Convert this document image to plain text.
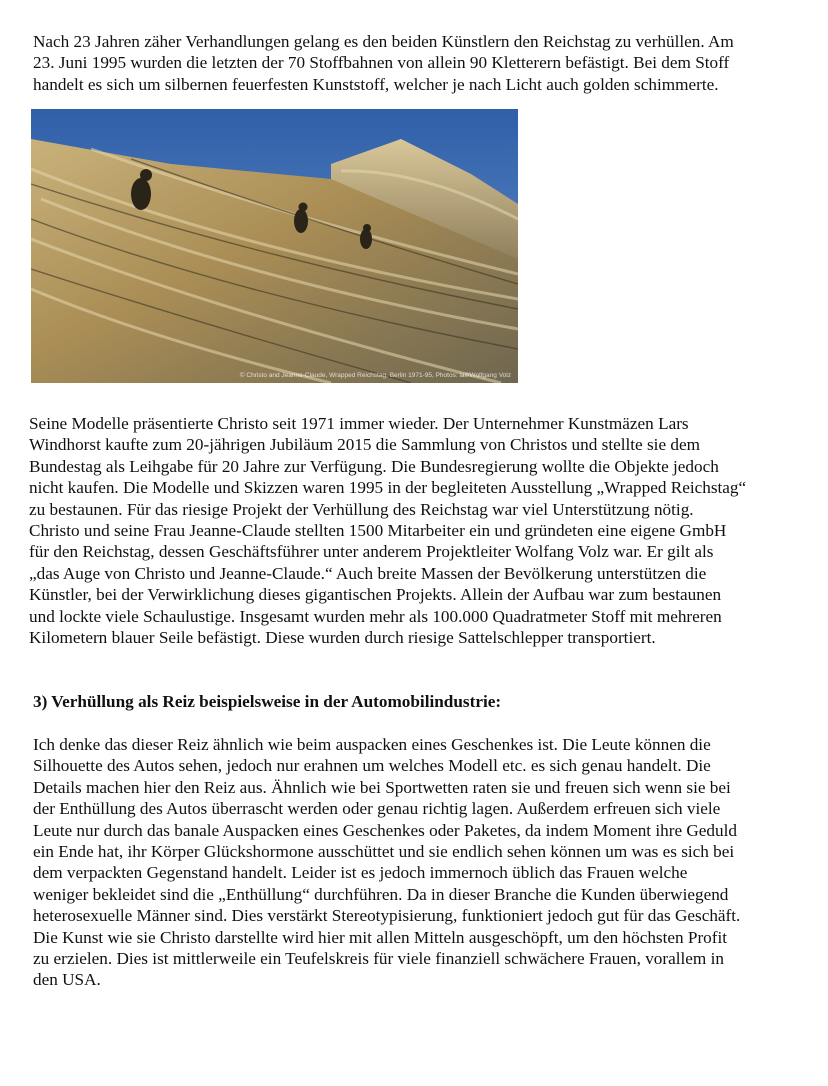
Nach 23 Jahren zäher Verhandlungen gelang es den beiden Künstlern den Reichstag zu verhüllen. Am
23. Juni 1995 wurden die letzten der 70 Stoffbahnen von allein 90 Kletterern befästigt. Bei dem Stoff
handelt es sich um silbernen feuerfesten Kunststoff, welcher je nach Licht auch golden schimmerte.
© Christo and Jeanne-Claude, Wrapped Reichstag, Berlin 1971-95, Photos: laif/Wolfgang Volz
Seine Modelle präsentierte Christo seit 1971 immer wieder. Der Unternehmer Kunstmäzen Lars
Windhorst kaufte zum 20-jährigen Jubiläum 2015 die Sammlung von Christos und stellte sie dem
Bundestag als Leihgabe für 20 Jahre zur Verfügung. Die Bundesregierung wollte die Objekte jedoch
nicht kaufen. Die Modelle und Skizzen waren 1995 in der begleiteten Ausstellung „Wrapped Reichstag“
zu bestaunen. Für das riesige Projekt der Verhüllung des Reichstag war viel Unterstützung nötig.
Christo und seine Frau Jeanne-Claude stellten 1500 Mitarbeiter ein und gründeten eine eigene GmbH
für den Reichstag, dessen Geschäftsführer unter anderem Projektleiter Wolfang Volz war. Er gilt als
„das Auge von Christo und Jeanne-Claude.“ Auch breite Massen der Bevölkerung unterstützen die
Künstler, bei der Verwirklichung dieses gigantischen Projekts. Allein der Aufbau war zum bestaunen
und lockte viele Schaulustige. Insgesamt wurden mehr als 100.000 Quadratmeter Stoff mit mehreren
Kilometern blauer Seile befästigt. Diese wurden durch riesige Sattelschlepper transportiert.
3) Verhüllung als Reiz beispielsweise in der Automobilindustrie:
Ich denke das dieser Reiz ähnlich wie beim auspacken eines Geschenkes ist. Die Leute können die
Silhouette des Autos sehen, jedoch nur erahnen um welches Modell etc. es sich genau handelt. Die
Details machen hier den Reiz aus. Ähnlich wie bei Sportwetten raten sie und freuen sich wenn sie bei
der Enthüllung des Autos überrascht werden oder genau richtig lagen. Außerdem erfreuen sich viele
Leute nur durch das banale Auspacken eines Geschenkes oder Paketes, da indem Moment ihre Geduld
ein Ende hat, ihr Körper Glückshormone ausschüttet und sie endlich sehen können um was es sich bei
dem verpackten Gegenstand handelt. Leider ist es jedoch immernoch üblich das Frauen welche
weniger bekleidet sind die „Enthüllung“ durchführen. Da in dieser Branche die Kunden überwiegend
heterosexuelle Männer sind. Dies verstärkt Stereotypisierung, funktioniert jedoch gut für das Geschäft.
Die Kunst wie sie Christo darstellte wird hier mit allen Mitteln ausgeschöpft, um den höchsten Profit
zu erzielen. Dies ist mittlerweile ein Teufelskreis für viele finanziell schwächere Frauen, vorallem in
den USA.
